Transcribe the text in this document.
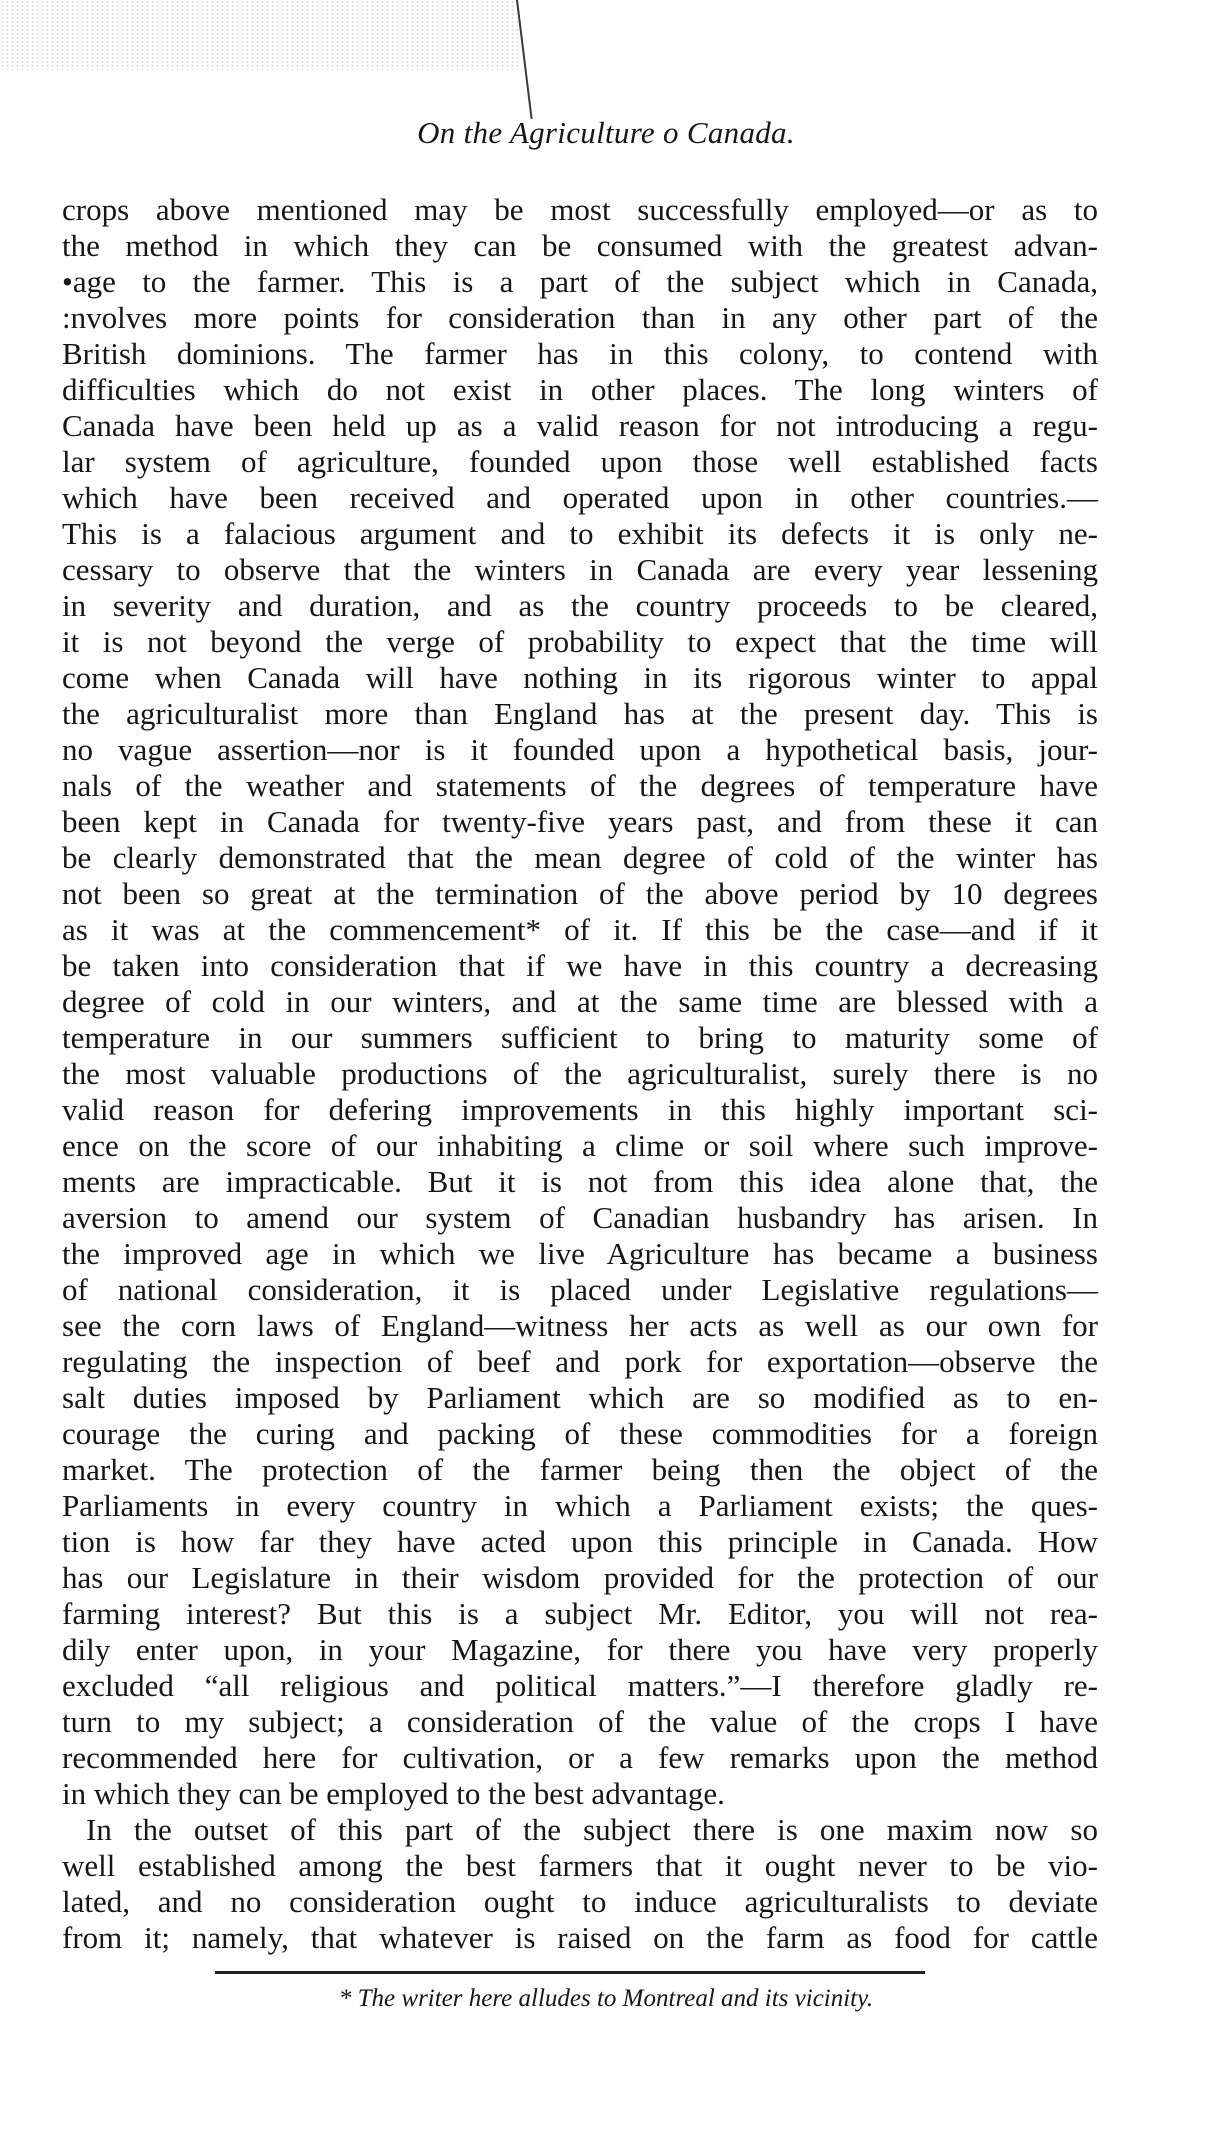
On the Agriculture o Canada.
crops above mentioned may be most successfully employed—or as to
the method in which they can be consumed with the greatest advan-
•age to the farmer. This is a part of the subject which in Canada,
:nvolves more points for consideration than in any other part of the
British dominions. The farmer has in this colony, to contend with
difficulties which do not exist in other places. The long winters of
Canada have been held up as a valid reason for not introducing a regu-
lar system of agriculture, founded upon those well established facts
which have been received and operated upon in other countries.—
This is a falacious argument and to exhibit its defects it is only ne-
cessary to observe that the winters in Canada are every year lessening
in severity and duration, and as the country proceeds to be cleared,
it is not beyond the verge of probability to expect that the time will
come when Canada will have nothing in its rigorous winter to appal
the agriculturalist more than England has at the present day. This is
no vague assertion—nor is it founded upon a hypothetical basis, jour-
nals of the weather and statements of the degrees of temperature have
been kept in Canada for twenty-five years past, and from these it can
be clearly demonstrated that the mean degree of cold of the winter has
not been so great at the termination of the above period by 10 degrees
as it was at the commencement* of it. If this be the case—and if it
be taken into consideration that if we have in this country a decreasing
degree of cold in our winters, and at the same time are blessed with a
temperature in our summers sufficient to bring to maturity some of
the most valuable productions of the agriculturalist, surely there is no
valid reason for defering improvements in this highly important sci-
ence on the score of our inhabiting a clime or soil where such improve-
ments are impracticable. But it is not from this idea alone that, the
aversion to amend our system of Canadian husbandry has arisen. In
the improved age in which we live Agriculture has became a business
of national consideration, it is placed under Legislative regulations—
see the corn laws of England—witness her acts as well as our own for
regulating the inspection of beef and pork for exportation—observe the
salt duties imposed by Parliament which are so modified as to en-
courage the curing and packing of these commodities for a foreign
market. The protection of the farmer being then the object of the
Parliaments in every country in which a Parliament exists; the ques-
tion is how far they have acted upon this principle in Canada. How
has our Legislature in their wisdom provided for the protection of our
farming interest? But this is a subject Mr. Editor, you will not rea-
dily enter upon, in your Magazine, for there you have very properly
excluded “all religious and political matters.”—I therefore gladly re-
turn to my subject; a consideration of the value of the crops I have
recommended here for cultivation, or a few remarks upon the method
in which they can be employed to the best advantage.
In the outset of this part of the subject there is one maxim now so
well established among the best farmers that it ought never to be vio-
lated, and no consideration ought to induce agriculturalists to deviate
from it; namely, that whatever is raised on the farm as food for cattle
* The writer here alludes to Montreal and its vicinity.
